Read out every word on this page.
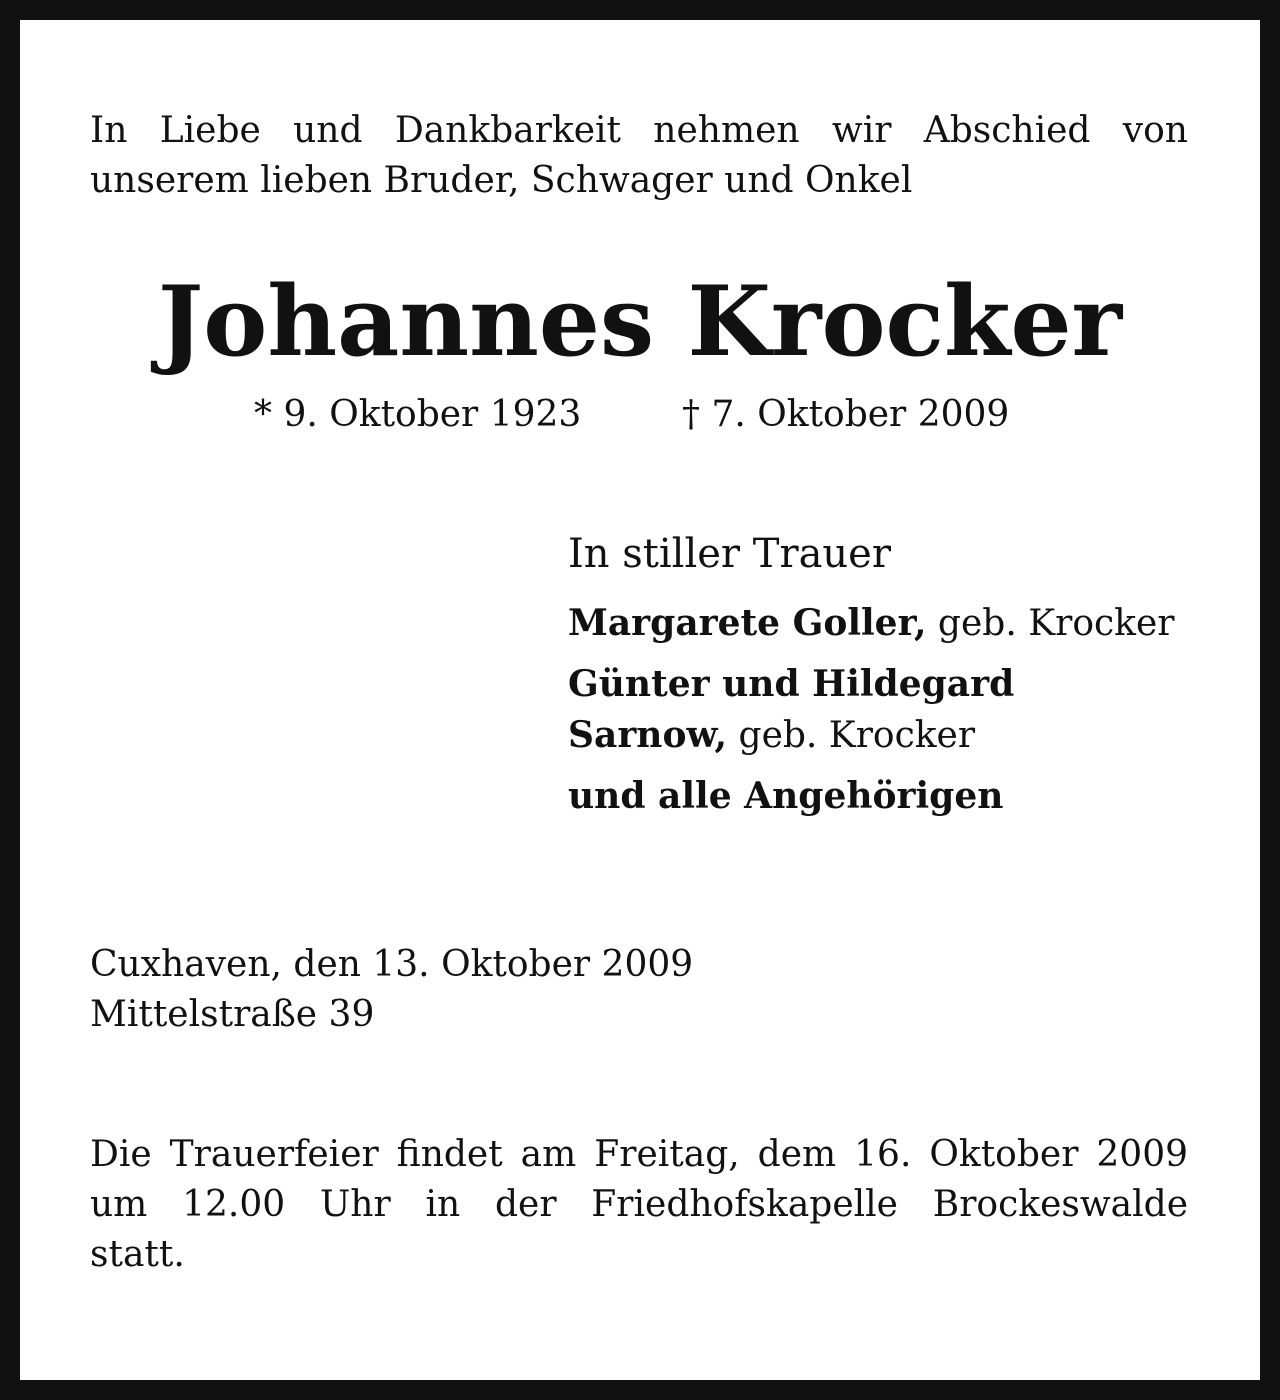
In Liebe und Dankbarkeit nehmen wir Abschied von
unserem lieben Bruder, Schwager und Onkel
Johannes Krocker
* 9. Oktober 1923	† 7. Oktober 2009
In stiller Trauer
Margarete Goller, geb. Krocker
Günter und Hildegard
Sarnow, geb. Krocker
und alle Angehörigen
Cuxhaven, den 13. Oktober 2009
Mittelstraße 39
Die Trauerfeier findet am Freitag, dem 16. Oktober 2009
um 12.00 Uhr in der Friedhofskapelle Brockeswalde
statt.
